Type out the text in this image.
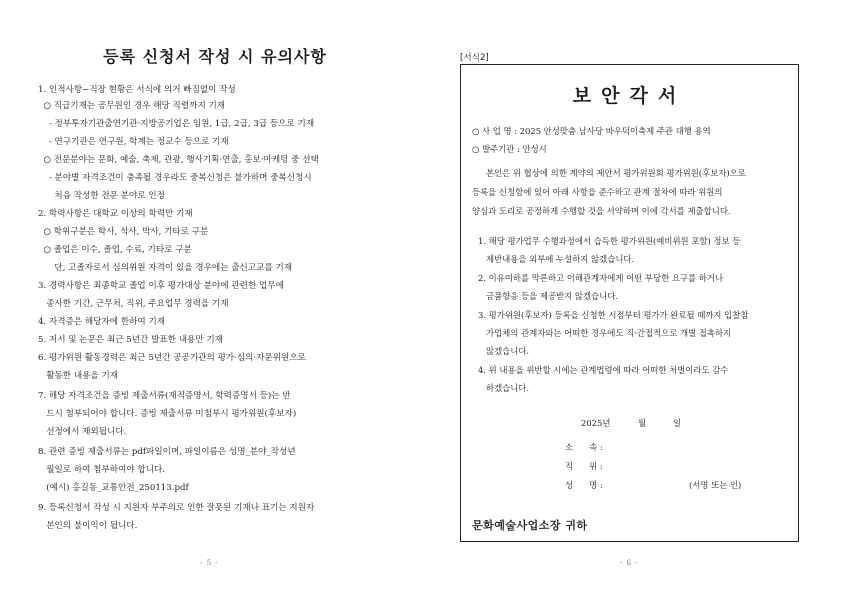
등록 신청서 작성 시 유의사항
1. 인적사항~직장 현황은 서식에 의거 빠짐없이 작성
○ 직급기재는 공무원인 경우 해당 직렬까지 기재
- 정부투자기관출연기관·지방공기업은 임원, 1급, 2급, 3급 등으로 기재
- 연구기관은 연구원, 학계는 정교수 등으로 기재
○ 전문분야는 문화, 예술, 축제, 관광, 행사기획·연출, 홍보·마케팅 중 선택
- 분야별 자격조건이 충족될 경우라도 중복신청은 불가하며 중복신청시
처음 작성한 전문 분야로 인정
2. 학력사항은 대학교 이상의 학력만 기재
○ 학위구분은 학사, 석사, 박사, 기타로 구분
○ 졸업은 이수, 졸업, 수료, 기타로 구분
단, 고졸자로서 심의위원 자격이 있을 경우에는 출신고교를 기재
3. 경력사항은 최종학교 졸업 이후 평가대상 분야에 관련한 업무에
종사한 기간, 근무처, 직위, 주요업무 경력을 기재
4. 자격증은 해당자에 한하여 기재
5. 저서 및 논문은 최근 5년간 발표한 내용만 기재
6. 평가위원 활동경력은 최근 5년간 공공기관의 평가·심의·자문위원으로
활동한 내용을 기재
7. 해당 자격조건을 증빙 제출서류(재직증명서, 학력증명서 등)는 반
드시 첨부되어야 합니다. 증빙 제출서류 미첨부시 평가위원(후보자)
선정에서 제외됩니다.
8. 관련 증빙 제출서류는 pdf파일이며, 파일이름은 성명_분야_작성년
월일로 하여 첨부하여야 합니다.
(예시) 홍길동_교통안전_250113.pdf
9. 등록신청서 작성 시 지원자 부주의로 인한 잘못된 기재나 표기는 지원자
본인의 불이익이 됩니다.
- 5 -
[서식2]
보안각서
○ 사 업 명 : 2025 안성맞춤 남사당 바우덕이축제 주관 대행 용역
○ 발주기관 : 안성시
본인은 위 협상에 의한 계약의 제안서 평가위원회 평가위원(후보자)으로
등록을 신청함에 있어 아래 사항을 준수하고 관계 절차에 따라 위원의
양심과 도리로 공정하게 수행할 것을 서약하며 이에 각서를 제출합니다.
1. 해당 평가업무 수행과정에서 습득한 평가위원(예비위원 포함) 정보 등
제반내용을 외부에 누설하지 않겠습니다.
2. 이유여하를 막론하고 이해관계자에게 어떤 부당한 요구를 하거나
금품향응 등을 제공받지 않겠습니다.
3. 평가위원(후보자) 등록을 신청한 시점부터 평가가 완료될 때까지 입찰참
가업체의 관계자와는 어떠한 경우에도 직·간접적으로 개별 접촉하지
않겠습니다.
4. 위 내용을 위반할 시에는 관계법령에 따라 어떠한 처벌이라도 감수
하겠습니다.
2025년	월	일
소      속 :
직      위 :
성      명 :	(서명 또는 인)
문화예술사업소장 귀하
- 6 -
